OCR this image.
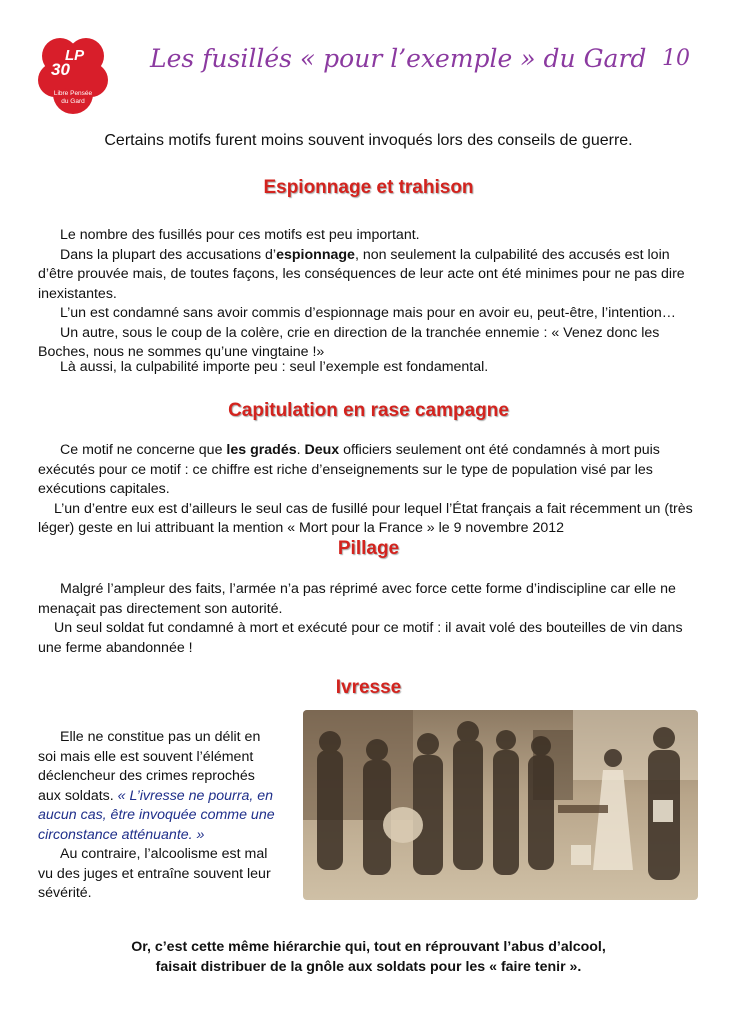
LP
30
Libre Pensée
du Gard
Les fusillés « pour l’exemple » du Gard 10
Certains motifs furent moins souvent invoqués lors des conseils de guerre.
Espionnage et trahison
Le nombre des fusillés pour ces motifs est peu important.
Dans la plupart des accusations d’espionnage, non seulement la culpabilité des accusés est loin d’être prouvée mais, de toutes façons, les conséquences de leur acte ont été minimes pour ne pas dire inexistantes.
L’un est condamné sans avoir commis d’espionnage mais pour en avoir eu, peut-être, l’intention…
Un autre, sous le coup de la colère, crie en direction de la tranchée ennemie : « Venez donc les Boches, nous ne sommes qu’une vingtaine !»
Là aussi, la culpabilité importe peu : seul l’exemple est fondamental.
Capitulation en rase campagne
Ce motif ne concerne que les gradés. Deux officiers seulement ont été condamnés à mort puis exécutés pour ce motif : ce chiffre est riche d’enseignements sur le type de population visé par les exécutions capitales.
L’un d’entre eux est d’ailleurs le seul cas de fusillé pour lequel l’État français a fait récemment un (très léger) geste en lui attribuant la mention « Mort pour la France » le 9 novembre 2012
Pillage
Malgré l’ampleur des faits, l’armée n’a pas réprimé avec force cette forme d’indiscipline car elle ne menaçait pas directement son autorité.
Un seul soldat fut condamné à mort et exécuté pour ce motif : il avait volé des bouteilles de vin dans une ferme abandonnée !
Ivresse
Elle ne constitue pas un délit en soi mais elle est souvent l’élément déclencheur des crimes reprochés aux soldats. « L’ivresse ne pourra, en aucun cas, être invoquée comme une circonstance atténuante. »
Au contraire, l’alcoolisme est mal vu des juges et entraîne souvent leur sévérité.
Or, c’est cette même hiérarchie qui, tout en réprouvant l’abus d’alcool,
faisait distribuer de la gnôle aux soldats pour les « faire tenir ».
